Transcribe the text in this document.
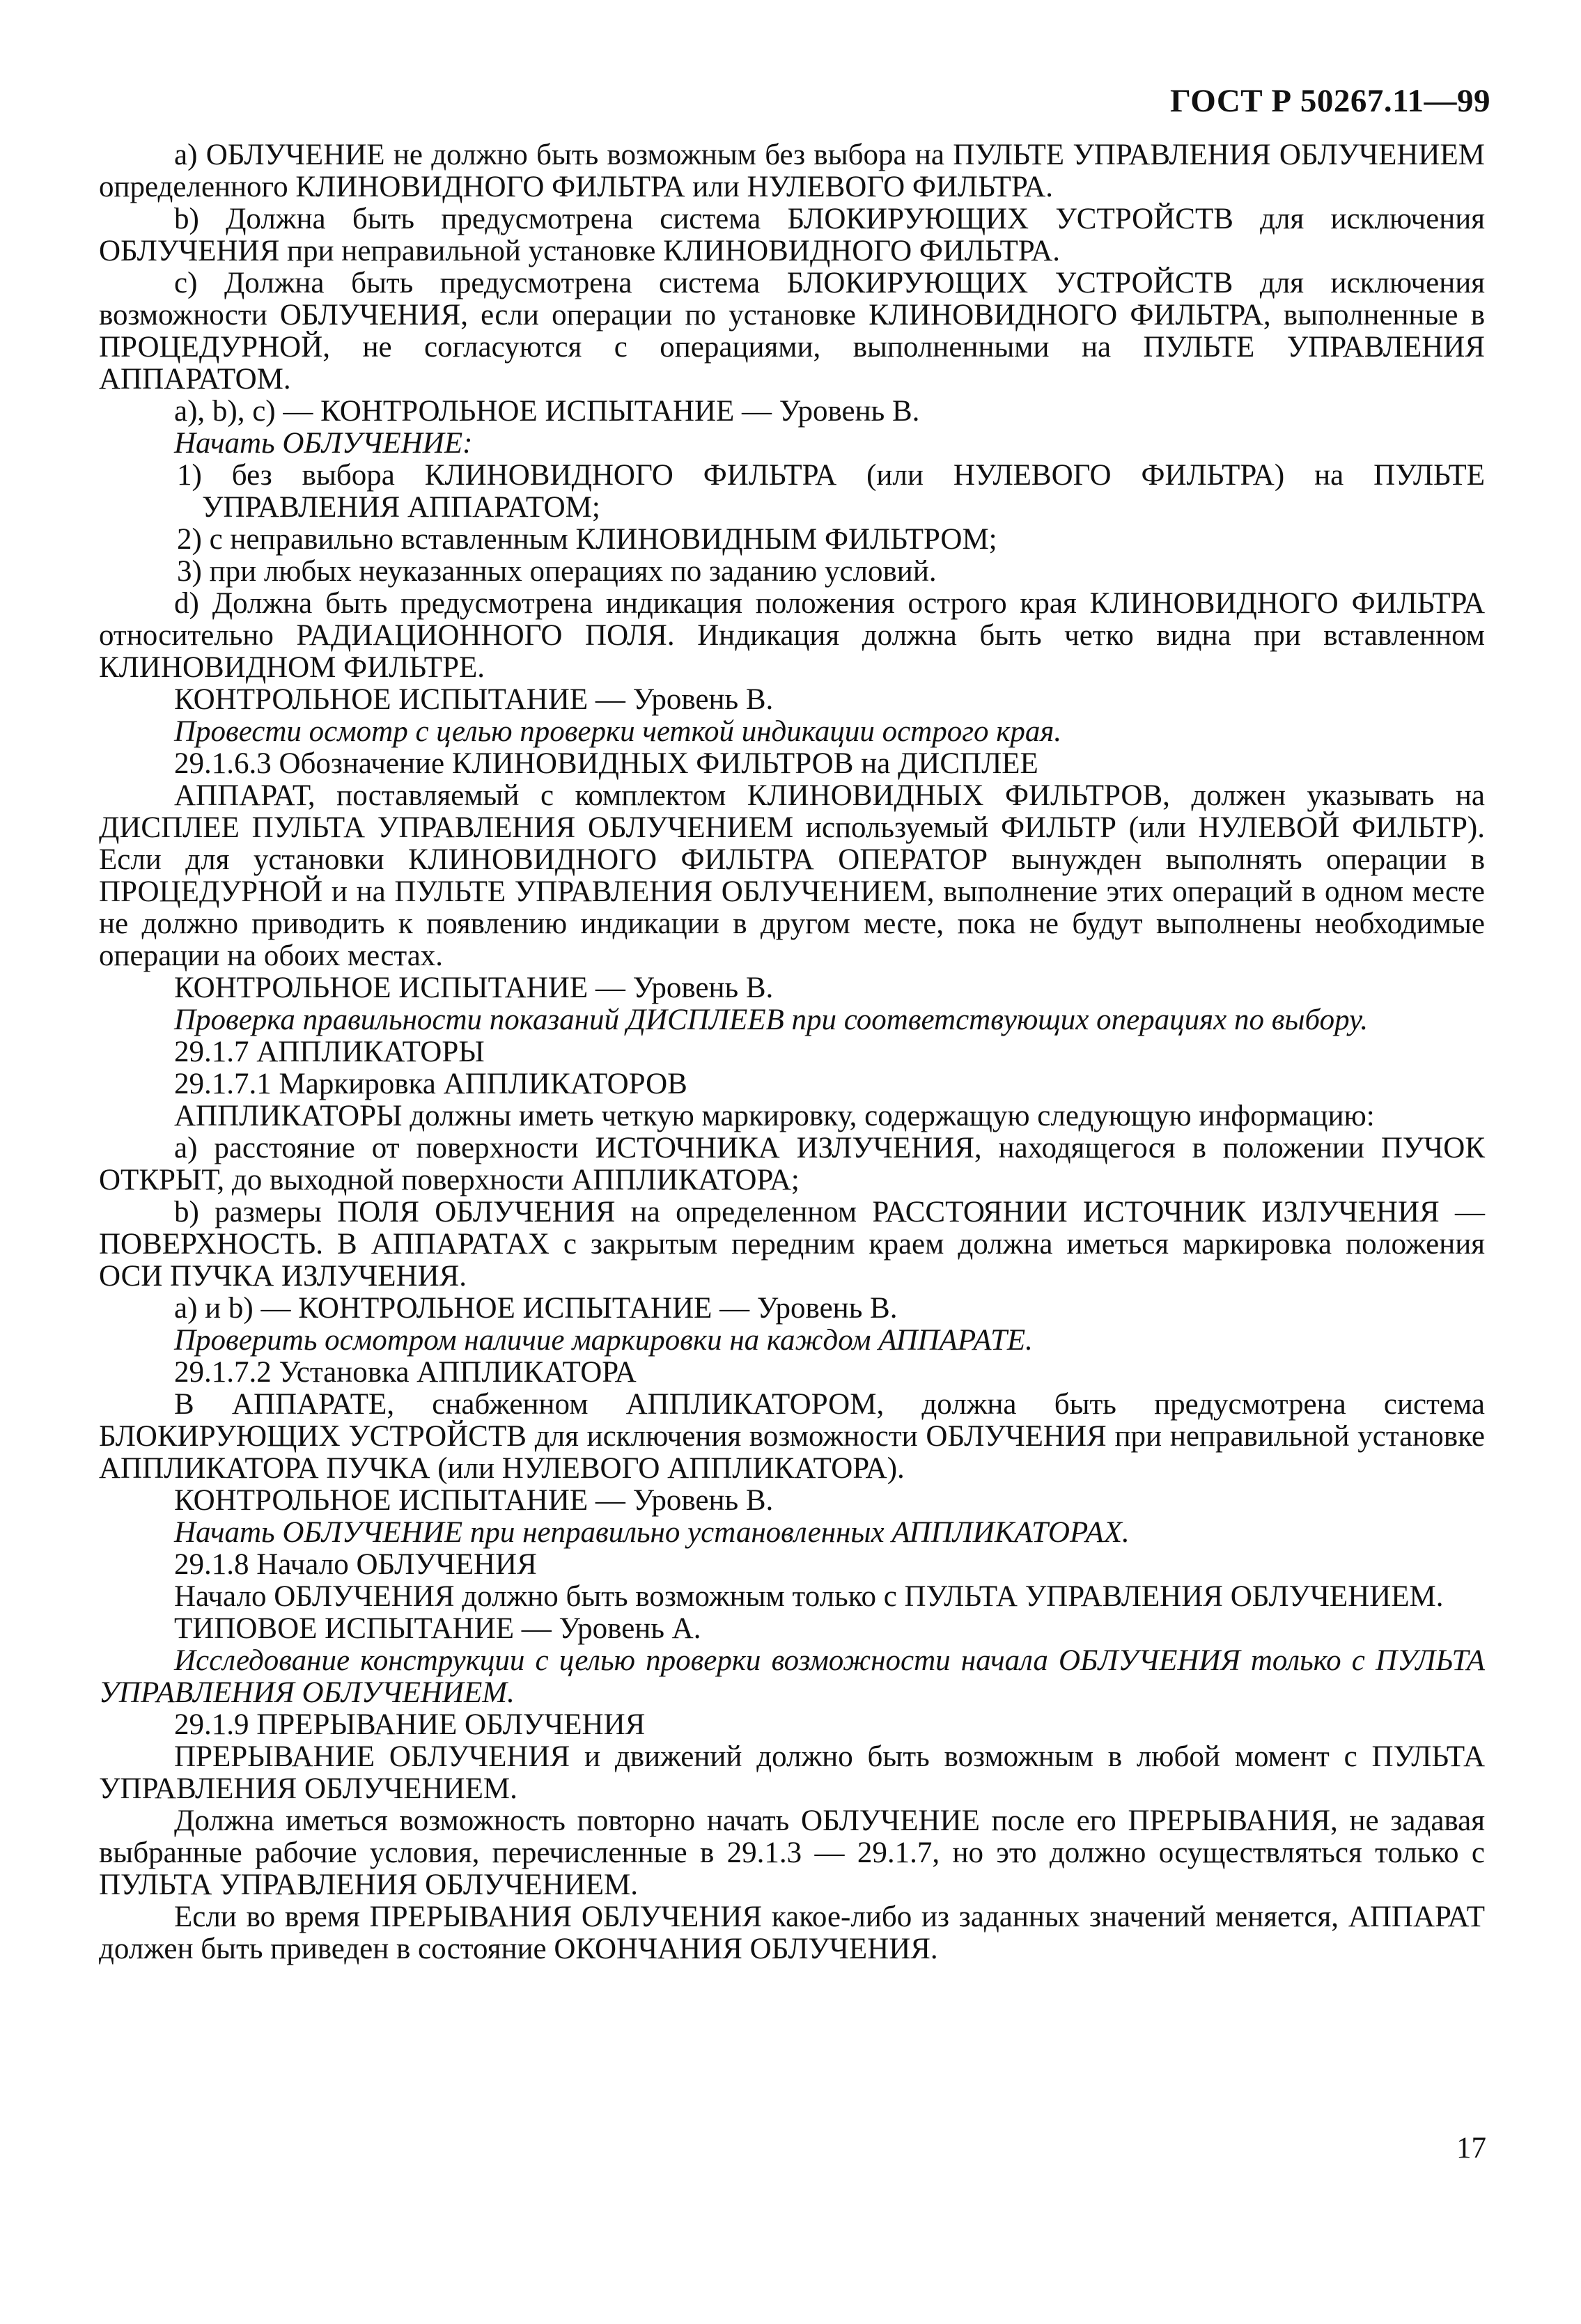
ГОСТ Р 50267.11—99

а) ОБЛУЧЕНИЕ не должно быть возможным без выбора на ПУЛЬТЕ УПРАВЛЕНИЯ ОБЛУЧЕНИЕМ определенного КЛИНОВИДНОГО ФИЛЬТРА или НУЛЕВОГО ФИЛЬТРА.

b) Должна быть предусмотрена система БЛОКИРУЮЩИХ УСТРОЙСТВ для исключения ОБЛУЧЕНИЯ при неправильной установке КЛИНОВИДНОГО ФИЛЬТРА.

с) Должна быть предусмотрена система БЛОКИРУЮЩИХ УСТРОЙСТВ для исключения возможности ОБЛУЧЕНИЯ, если операции по установке КЛИНОВИДНОГО ФИЛЬТРА, выполненные в ПРОЦЕДУРНОЙ, не согласуются с операциями, выполненными на ПУЛЬТЕ УПРАВЛЕНИЯ АППАРАТОМ.

а), b), с) — КОНТРОЛЬНОЕ ИСПЫТАНИЕ — Уровень В.

Начать ОБЛУЧЕНИЕ:

1) без выбора КЛИНОВИДНОГО ФИЛЬТРА (или НУЛЕВОГО ФИЛЬТРА) на ПУЛЬТЕ УПРАВЛЕНИЯ АППАРАТОМ;

2) с неправильно вставленным КЛИНОВИДНЫМ ФИЛЬТРОМ;

3) при любых неуказанных операциях по заданию условий.

d) Должна быть предусмотрена индикация положения острого края КЛИНОВИДНОГО ФИЛЬТРА относительно РАДИАЦИОННОГО ПОЛЯ. Индикация должна быть четко видна при вставленном КЛИНОВИДНОМ ФИЛЬТРЕ.

КОНТРОЛЬНОЕ ИСПЫТАНИЕ — Уровень В.

Провести осмотр с целью проверки четкой индикации острого края.

29.1.6.3 Обозначение КЛИНОВИДНЫХ ФИЛЬТРОВ на ДИСПЛЕЕ

АППАРАТ, поставляемый с комплектом КЛИНОВИДНЫХ ФИЛЬТРОВ, должен указывать на ДИСПЛЕЕ ПУЛЬТА УПРАВЛЕНИЯ ОБЛУЧЕНИЕМ используемый ФИЛЬТР (или НУЛЕВОЙ ФИЛЬТР). Если для установки КЛИНОВИДНОГО ФИЛЬТРА ОПЕРАТОР вынужден выполнять операции в ПРОЦЕДУРНОЙ и на ПУЛЬТЕ УПРАВЛЕНИЯ ОБЛУЧЕНИЕМ, выполнение этих операций в одном месте не должно приводить к появлению индикации в другом месте, пока не будут выполнены необходимые операции на обоих местах.

КОНТРОЛЬНОЕ ИСПЫТАНИЕ — Уровень В.

Проверка правильности показаний ДИСПЛЕЕВ при соответствующих операциях по выбору.

29.1.7 АППЛИКАТОРЫ

29.1.7.1 Маркировка АППЛИКАТОРОВ

АППЛИКАТОРЫ должны иметь четкую маркировку, содержащую следующую информацию:

а) расстояние от поверхности ИСТОЧНИКА ИЗЛУЧЕНИЯ, находящегося в положении ПУЧОК ОТКРЫТ, до выходной поверхности АППЛИКАТОРА;

b) размеры ПОЛЯ ОБЛУЧЕНИЯ на определенном РАССТОЯНИИ ИСТОЧНИК ИЗЛУЧЕНИЯ — ПОВЕРХНОСТЬ. В АППАРАТАХ с закрытым передним краем должна иметься маркировка положения ОСИ ПУЧКА ИЗЛУЧЕНИЯ.

а) и b) — КОНТРОЛЬНОЕ ИСПЫТАНИЕ — Уровень В.

Проверить осмотром наличие маркировки на каждом АППАРАТЕ.

29.1.7.2 Установка АППЛИКАТОРА

В АППАРАТЕ, снабженном АППЛИКАТОРОМ, должна быть предусмотрена система БЛОКИРУЮЩИХ УСТРОЙСТВ для исключения возможности ОБЛУЧЕНИЯ при неправильной установке АППЛИКАТОРА ПУЧКА (или НУЛЕВОГО АППЛИКАТОРА).

КОНТРОЛЬНОЕ ИСПЫТАНИЕ — Уровень В.

Начать ОБЛУЧЕНИЕ при неправильно установленных АППЛИКАТОРАХ.

29.1.8 Начало ОБЛУЧЕНИЯ

Начало ОБЛУЧЕНИЯ должно быть возможным только с ПУЛЬТА УПРАВЛЕНИЯ ОБЛУЧЕНИЕМ.

ТИПОВОЕ ИСПЫТАНИЕ — Уровень А.

Исследование конструкции с целью проверки возможности начала ОБЛУЧЕНИЯ только с ПУЛЬТА УПРАВЛЕНИЯ ОБЛУЧЕНИЕМ.

29.1.9 ПРЕРЫВАНИЕ ОБЛУЧЕНИЯ

ПРЕРЫВАНИЕ ОБЛУЧЕНИЯ и движений должно быть возможным в любой момент с ПУЛЬТА УПРАВЛЕНИЯ ОБЛУЧЕНИЕМ.

Должна иметься возможность повторно начать ОБЛУЧЕНИЕ после его ПРЕРЫВАНИЯ, не задавая выбранные рабочие условия, перечисленные в 29.1.3 — 29.1.7, но это должно осуществляться только с ПУЛЬТА УПРАВЛЕНИЯ ОБЛУЧЕНИЕМ.

Если во время ПРЕРЫВАНИЯ ОБЛУЧЕНИЯ какое-либо из заданных значений меняется, АППАРАТ должен быть приведен в состояние ОКОНЧАНИЯ ОБЛУЧЕНИЯ.

17
